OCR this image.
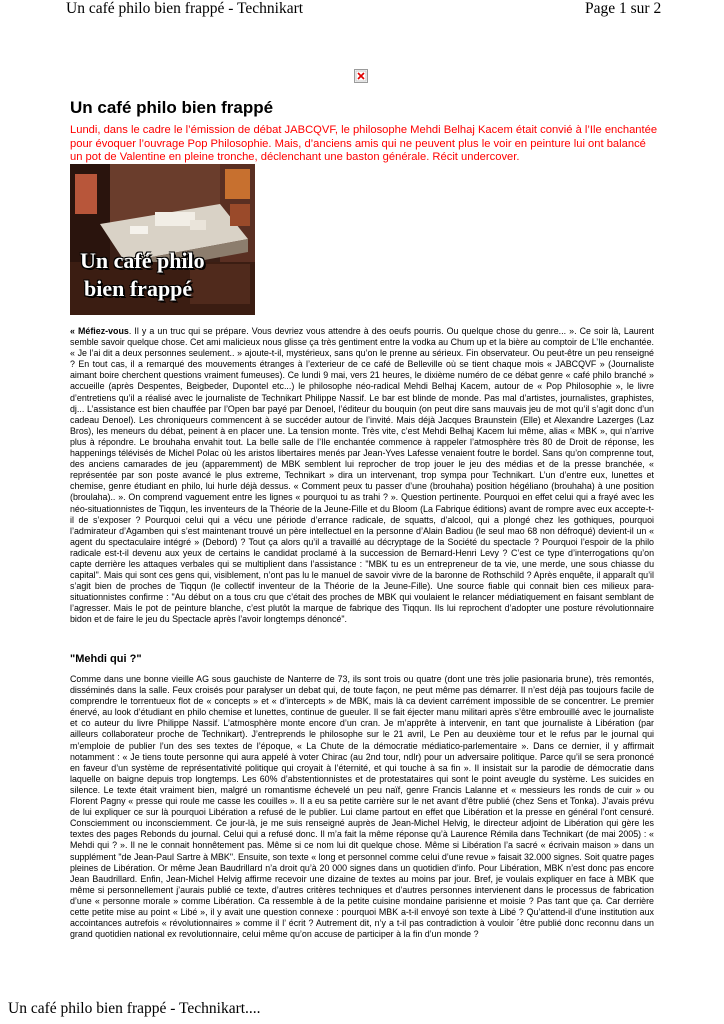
Un café philo bien frappé - Technikart	Page 1 sur 2
Un café philo bien frappé
Lundi, dans le cadre le l’émission de débat JABCQVF, le philosophe Mehdi Belhaj Kacem était convié à l’Ile enchantée pour évoquer l’ouvrage Pop Philosophie. Mais, d’anciens amis qui ne peuvent plus le voir en peinture lui ont balancé un pot de Valentine en pleine tronche, déclenchant une baston générale. Récit undercover.
Un café philo
bien frappé
« Méfiez-vous. Il y a un truc qui se prépare. Vous devriez vous attendre à des oeufs pourris. Ou quelque chose du genre... ». Ce soir là, Laurent semble savoir quelque chose. Cet ami malicieux nous glisse ça très gentiment entre la vodka au Chum up et la bière au comptoir de L’Ile enchantée. « Je l’ai dit a deux personnes seulement.. » ajoute-t-il, mystérieux, sans qu’on le prenne au sérieux. Fin observateur. Ou peut-être un peu renseigné ? En tout cas, il a remarqué des mouvements étranges à l’exterieur de ce café de Belleville où se tient chaque mois « JABCQVF » (Journaliste aimant boire cherchent questions vraiment fumeuses). Ce lundi 9 mai, vers 21 heures, le dixième numéro de ce débat genre « café philo branché » accueille (après Despentes, Beigbeder, Dupontel etc...) le philosophe néo-radical Mehdi Belhaj Kacem, autour de « Pop Philosophie », le livre d’entretiens qu’il a réalisé avec le journaliste de Technikart Philippe Nassif. Le bar est blinde de monde. Pas mal d’artistes, journalistes, graphistes, dj... L’assistance est bien chauffée par l’Open bar payé par Denoel, l’éditeur du bouquin (on peut dire sans mauvais jeu de mot qu’il s’agit donc d’un cadeau Denoel). Les chroniqueurs commencent à se succéder autour de l’invité. Mais déjà Jacques Braunstein (Elle) et Alexandre Lazerges (Laz Bros), les meneurs du débat, peinent à en placer une. La tension monte. Très vite, c’est Mehdi Belhaj Kacem lui même, alias « MBK », qui n’arrive plus à répondre. Le brouhaha envahit tout. La belle salle de l’Ile enchantée commence à rappeler l’atmosphère très 80 de Droit de réponse, les happenings télévisés de Michel Polac où les aristos libertaires menés par Jean-Yves Lafesse venaient foutre le bordel. Sans qu’on comprenne tout, des anciens camarades de jeu (apparemment) de MBK semblent lui reprocher de trop jouer le jeu des médias et de la presse branchée, « représentée par son poste avancé le plus extreme, Technikart » dira un intervenant, trop sympa pour Technikart. L’un d’entre eux, lunettes et chemise, genre étudiant en philo, lui hurle déjà dessus. « Comment peux tu passer d’une (brouhaha) position hégélianо (brouhaha) à une position (broulaha).. ». On comprend vaguement entre les lignes « pourquoi tu as trahi ? ». Question pertinente. Pourquoi en effet celui qui a frayé avec les néo-situationnistes de Tiqqun, les inventeurs de la Théorie de la Jeune-Fille et du Bloom (La Fabrique éditions) avant de rompre avec eux accepte-t-il de s’exposer ? Pourquoi celui qui a vécu une période d’errance radicale, de squatts, d’alcool, qui a plongé chez les gothiques, pourquoi l’admirateur d’Agamben qui s’est maintenant trouvé un père intellectuel en la personne d’Alain Badiou (le seul mao 68 non défroqué) devient-il un « agent du spectaculaire intégré » (Debord) ? Tout ça alors qu’il a travaillé au décryptage de la Société du spectacle ? Pourquoi l’espoir de la philo radicale est-t-il devenu aux yeux de certains le candidat proclamé à la succession de Bernard-Henri Levy ? C’est ce type d’interrogations qu’on capte derrière les attaques verbales qui se multiplient dans l’assistance : "MBK tu es un entrepreneur de ta vie, une merde, une sous chiasse du capital". Mais qui sont ces gens qui, visiblement, n’ont pas lu le manuel de savoir vivre de la baronne de Rothschild ? Après enquête, il apparaît qu’il s’agit bien de proches de Tiqqun (le collectif inventeur de la Théorie de la Jeune-Fille). Une source fiable qui connait bien ces milieux para-situationnistes confirme : "Au début on a tous cru que c’était des proches de MBK qui voulaient le relancer médiatiquement en faisant semblant de l’agresser. Mais le pot de peinture blanche, c’est plutôt la marque de fabrique des Tiqqun. Ils lui reprochent d’adopter une posture révolutionnaire bidon et de faire le jeu du Spectacle après l’avoir longtemps dénoncé".
"Mehdi qui ?"
Comme dans une bonne vieille AG sous gauchiste de Nanterre de 73, ils sont trois ou quatre (dont une très jolie pasionaria brune), très remontés, disséminés dans la salle. Feux croisés pour paralyser un debat qui, de toute façon, ne peut même pas démarrer. Il n’est déjà pas toujours facile de comprendre le torrentueux flot de « concepts » et « d’intercepts » de MBK, mais là ca devient carrément impossible de se concentrer. Le premier énervé, au look d’étudiant en philo chemise et lunettes, continue de gueuler. Il se fait éjecter manu militari après s’être embrouillé avec le journaliste et co auteur du livre Philippe Nassif. L’atmosphère monte encore d’un cran. Je m’apprête à intervenir, en tant que journaliste à Libération (par ailleurs collaborateur proche de Technikart). J’entreprends le philosophe sur le 21 avril, Le Pen au deuxième tour et le refus par le journal qui m’emploie de publier l’un des ses textes de l’époque, « La Chute de la démocratie médiatico-parlementaire ». Dans ce dernier, il y affirmait notamment : « Je tiens toute personne qui aura appelé à voter Chirac (au 2nd tour, ndlr) pour un adversaire politique. Parce qu’il se sera prononcé en faveur d’un système de représentativité politique qui croyait à l’éternité, et qui touche à sa fin ». Il insistait sur la parodie de démocratie dans laquelle on baigne depuis trop longtemps. Les 60% d’abstentionnistes et de protestataires qui sont le point aveugle du système. Les suicides en silence. Le texte était vraiment bien, malgré un romantisme échevelé un peu naïf, genre Francis Lalanne et « messieurs les ronds de cuir » ou Florent Pagny « presse qui roule me casse les couilles ». Il a eu sa petite carrière sur le net avant d’être publié (chez Sens et Tonka). J’avais prévu de lui expliquer ce sur là pourquoi Libération a refusé de le publier. Lui clame partout en effet que Libération et la presse en général l’ont censuré. Consciemment ou inconsciemment. Ce jour-là, je me suis renseigné auprès de Jean-Michel Helvig, le directeur adjoint de Libération qui gère les textes des pages Rebonds du journal. Celui qui a refusé donc. Il m’a fait la même réponse qu’à Laurence Rémila dans Technikart (de mai 2005) : « Mehdi qui ? ». Il ne le connait honnêtement pas. Même si ce nom lui dit quelque chose. Même si Libération l’a sacré « écrivain maison » dans un supplément "de Jean-Paul Sartre à MBK". Ensuite, son texte « long et personnel comme celui d’une revue » faisait 32.000 signes. Soit quatre pages pleines de Libération. Or même Jean Baudrillard n’a droit qu’à 20 000 signes dans un quotidien d’info. Pour Libération, MBK n’est donc pas encore Jean Baudrillard. Enfin, Jean-Michel Helvig affirme recevoir une dizaine de textes au moins par jour. Bref, je voulais expliquer en face à MBK que même si personnellement j’aurais publié ce texte, d’autres critères techniques et d’autres personnes intervienent dans le processus de fabrication d’une « personne morale » comme Libération. Ca ressemble à de la petite cuisine mondaine parisienne et moisie ? Pas tant que ça. Car derrière cette petite mise au point « Libé », il y avait une question connexe : pourquoi MBK a-t-il envoyé son texte à Libé ? Qu’attend-il d’une institution aux accointances autrefois « révolutionnaires » comme il l’ écrit ? Autrement dit, n’y a t-il pas contradiction à vouloir ´être publié donc reconnu dans un grand quotidien national ex revolutionnaire, celui même qu’on accuse de participer à la fin d’un monde ?
Un café philo bien frappé - Technikart....
